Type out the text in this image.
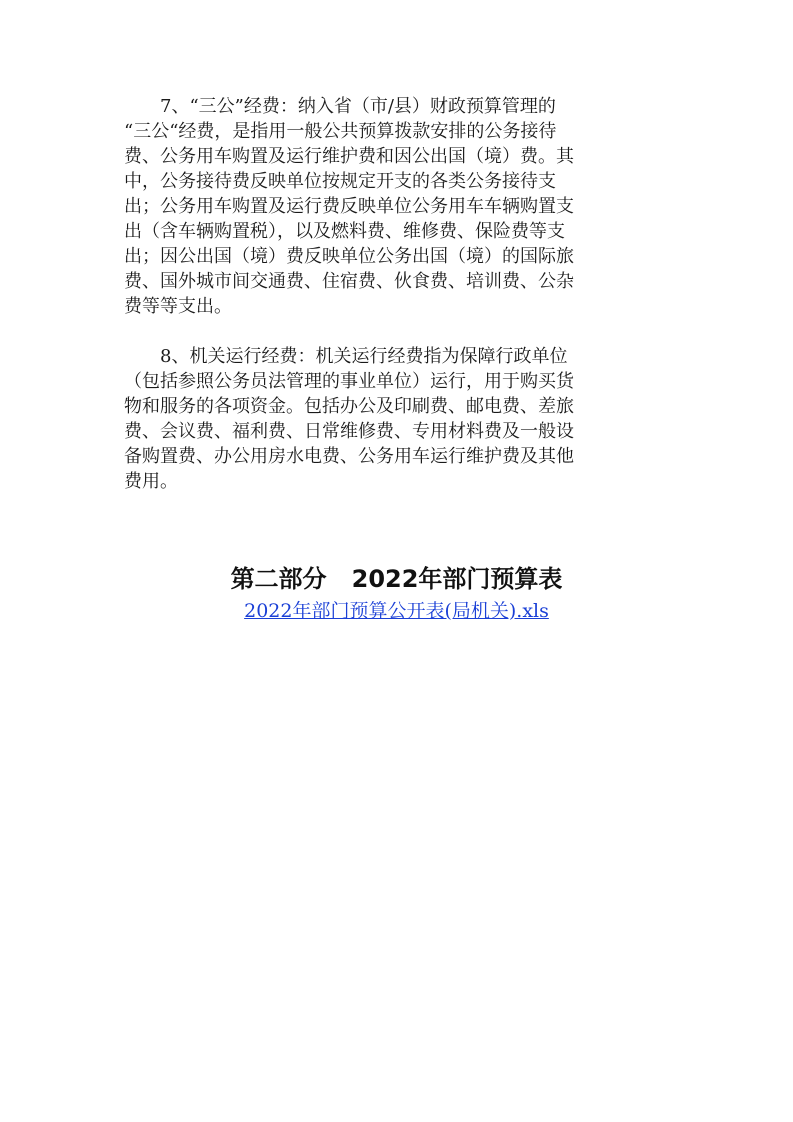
7、“三公”经费：纳入省（市/县）财政预算管理的
“三公“经费，是指用一般公共预算拨款安排的公务接待
费、公务用车购置及运行维护费和因公出国（境）费。其
中，公务接待费反映单位按规定开支的各类公务接待支
出；公务用车购置及运行费反映单位公务用车车辆购置支
出（含车辆购置税），以及燃料费、维修费、保险费等支
出；因公出国（境）费反映单位公务出国（境）的国际旅
费、国外城市间交通费、住宿费、伙食费、培训费、公杂
费等等支出。
8、机关运行经费：机关运行经费指为保障行政单位
（包括参照公务员法管理的事业单位）运行，用于购买货
物和服务的各项资金。包括办公及印刷费、邮电费、差旅
费、会议费、福利费、日常维修费、专用材料费及一般设
备购置费、办公用房水电费、公务用车运行维护费及其他
费用。
第二部分   2022年部门预算表
2022年部门预算公开表(局机关).xls
